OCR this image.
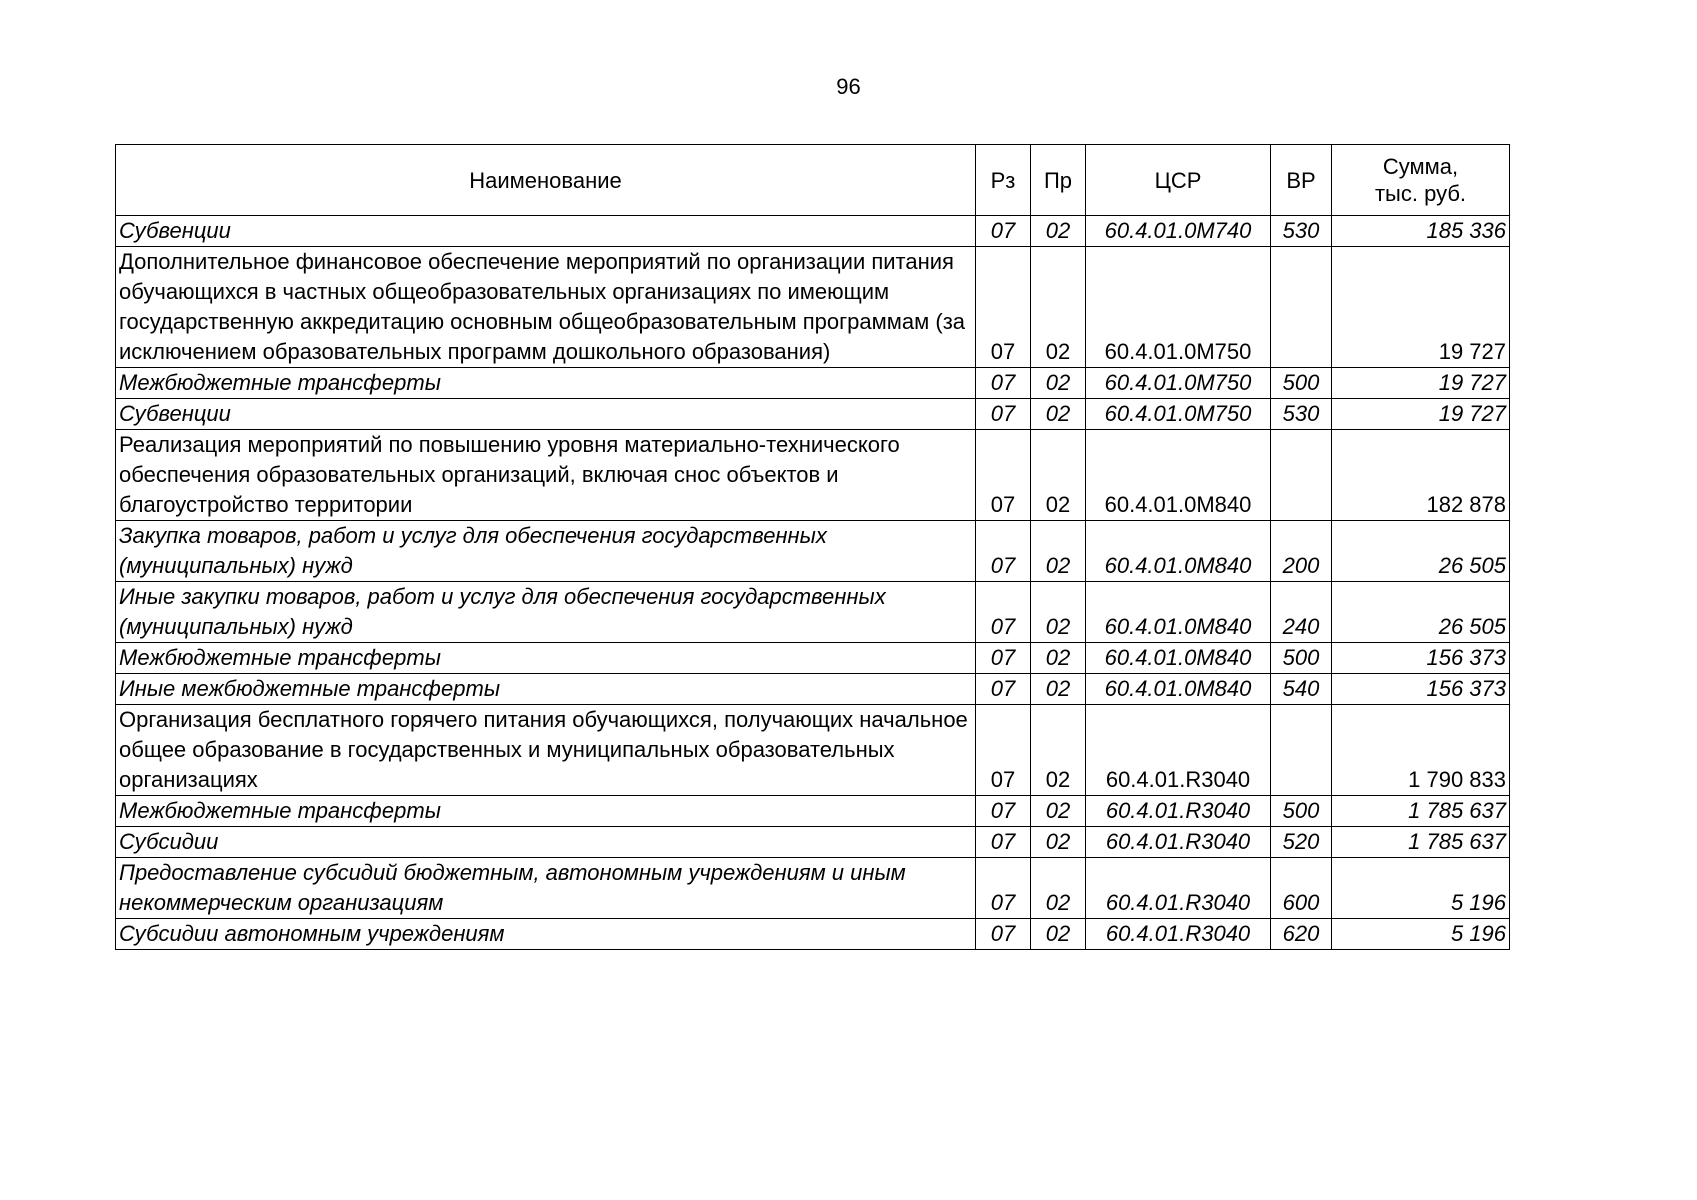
96
Наименование	Рз	Пр	ЦСР	ВР	Сумма,
тыс. руб.
Субвенции	07	02	60.4.01.0М740	530	185 336
Дополнительное финансовое обеспечение мероприятий по организации питания обучающихся в частных общеобразовательных организациях по имеющим государственную аккредитацию основным общеобразовательным программам (за исключением образовательных программ дошкольного образования)	07	02	60.4.01.0М750		19 727
Межбюджетные трансферты	07	02	60.4.01.0М750	500	19 727
Субвенции	07	02	60.4.01.0М750	530	19 727
Реализация мероприятий по повышению уровня материально-технического обеспечения образовательных организаций, включая снос объектов и благоустройство территории	07	02	60.4.01.0М840		182 878
Закупка товаров, работ и услуг для обеспечения государственных (муниципальных) нужд	07	02	60.4.01.0М840	200	26 505
Иные закупки товаров, работ и услуг для обеспечения государственных (муниципальных) нужд	07	02	60.4.01.0М840	240	26 505
Межбюджетные трансферты	07	02	60.4.01.0М840	500	156 373
Иные межбюджетные трансферты	07	02	60.4.01.0М840	540	156 373
Организация бесплатного горячего питания обучающихся, получающих начальное общее образование в государственных и муниципальных образовательных организациях	07	02	60.4.01.R3040		1 790 833
Межбюджетные трансферты	07	02	60.4.01.R3040	500	1 785 637
Субсидии	07	02	60.4.01.R3040	520	1 785 637
Предоставление субсидий бюджетным, автономным учреждениям и иным некоммерческим организациям	07	02	60.4.01.R3040	600	5 196
Субсидии автономным учреждениям	07	02	60.4.01.R3040	620	5 196
